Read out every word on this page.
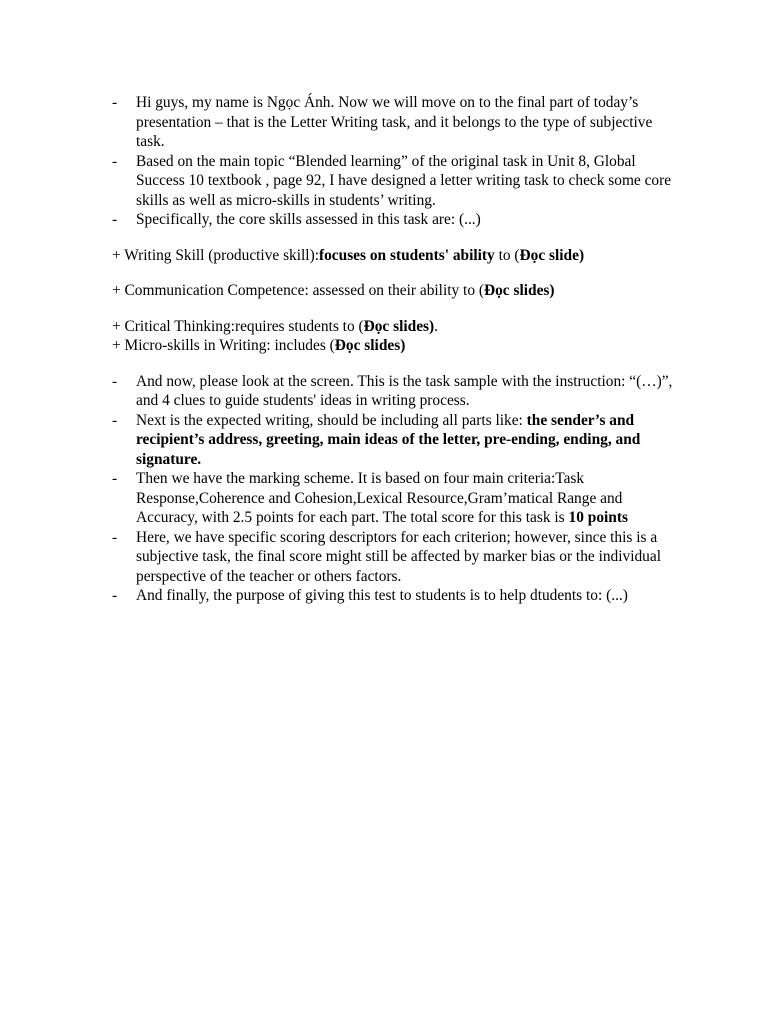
- Hi guys, my name is Ngọc Ánh. Now we will move on to the final part of today’s presentation – that is the Letter Writing task, and it belongs to the type of subjective task.
- Based on the main topic “Blended learning” of the original task in Unit 8, Global Success 10 textbook , page 92, I have designed a letter writing task to check some core skills as well as micro-skills in students’ writing.
- Specifically, the core skills assessed in this task are: (...)

+ Writing Skill (productive skill):focuses on students' ability to (Đọc slide)

+ Communication Competence: assessed on their ability to (Đọc slides)

+ Critical Thinking:requires students to (Đọc slides).

+ Micro-skills in Writing: includes (Đọc slides)

- And now, please look at the screen. This is the task sample with the instruction: “(…)”, and 4 clues to guide students' ideas in writing process.
- Next is the expected writing, should be including all parts like: the sender’s and recipient’s address, greeting, main ideas of the letter, pre-ending, ending, and signature.
- Then we have the marking scheme. It is based on four main criteria:Task Response,Coherence and Cohesion,Lexical Resource,Gram’matical Range and Accuracy, with 2.5 points for each part. The total score for this task is 10 points
- Here, we have specific scoring descriptors for each criterion; however, since this is a subjective task, the final score might still be affected by marker bias or the individual perspective of the teacher or others factors.
- And finally, the purpose of giving this test to students is to help dtudents to: (...)
